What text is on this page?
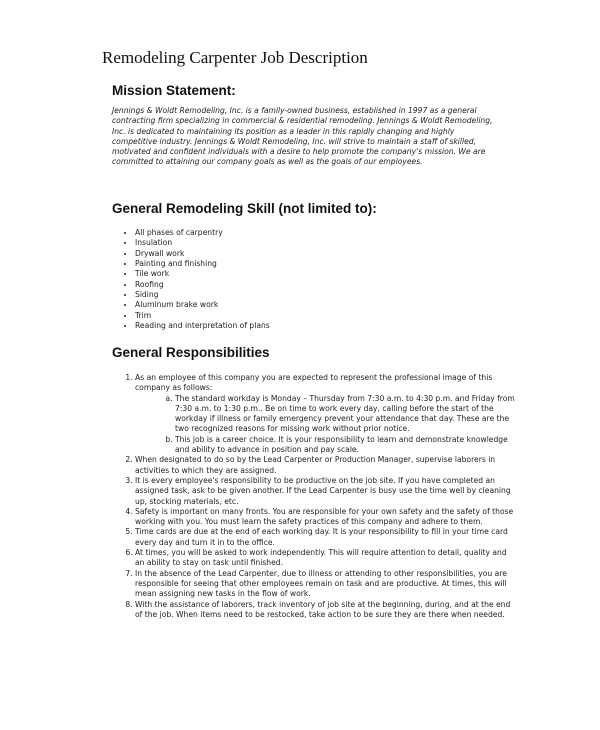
Remodeling Carpenter Job Description
Mission Statement:
Jennings & Woldt Remodeling, Inc. is a family-owned business, established in 1997 as a general contracting firm specializing in commercial & residential remodeling. Jennings & Woldt Remodeling, Inc. is dedicated to maintaining its position as a leader in this rapidly changing and highly competitive industry. Jennings & Woldt Remodeling, Inc. will strive to maintain a staff of skilled, motivated and confident individuals with a desire to help promote the company's mission. We are committed to attaining our company goals as well as the goals of our employees.
General Remodeling Skill (not limited to):
• All phases of carpentry
• Insulation
• Drywall work
• Painting and finishing
• Tile work
• Roofing
• Siding
• Aluminum brake work
• Trim
• Reading and interpretation of plans
General Responsibilities
1. As an employee of this company you are expected to represent the professional image of this company as follows:
a. The standard workday is Monday – Thursday from 7:30 a.m. to 4:30 p.m. and Friday from 7:30 a.m. to 1:30 p.m.. Be on time to work every day, calling before the start of the workday if illness or family emergency prevent your attendance that day. These are the two recognized reasons for missing work without prior notice.
b. This job is a career choice. It is your responsibility to learn and demonstrate knowledge and ability to advance in position and pay scale.
2. When designated to do so by the Lead Carpenter or Production Manager, supervise laborers in activities to which they are assigned.
3. It is every employee's responsibility to be productive on the job site. If you have completed an assigned task, ask to be given another. If the Lead Carpenter is busy use the time well by cleaning up, stocking materials, etc.
4. Safety is important on many fronts. You are responsible for your own safety and the safety of those working with you. You must learn the safety practices of this company and adhere to them.
5. Time cards are due at the end of each working day. It is your responsibility to fill in your time card every day and turn it in to the office.
6. At times, you will be asked to work independently. This will require attention to detail, quality and an ability to stay on task until finished.
7. In the absence of the Lead Carpenter, due to illness or attending to other responsibilities, you are responsible for seeing that other employees remain on task and are productive. At times, this will mean assigning new tasks in the flow of work.
8. With the assistance of laborers, track inventory of job site at the beginning, during, and at the end of the job. When items need to be restocked, take action to be sure they are there when needed.
